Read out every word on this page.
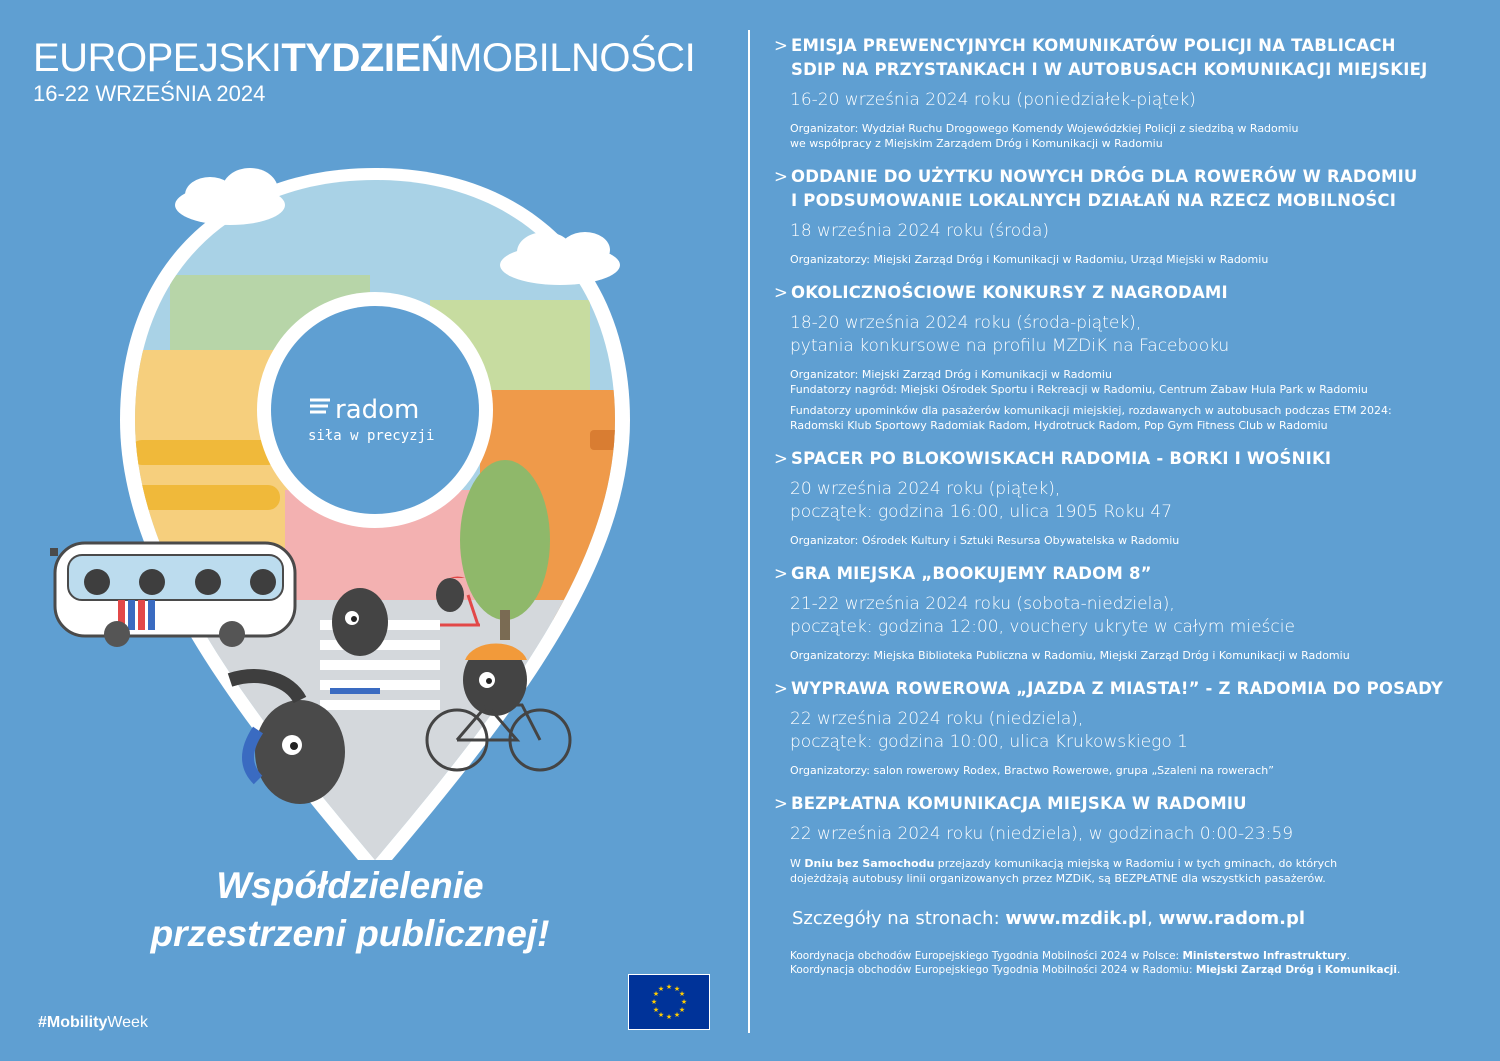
EUROPEJSKITYDZIEŃMOBILNOŚCI
16-22 WRZEŚNIA 2024
radom
siła w precyzji
Współdzielenie
przestrzeni publicznej!
#MobilityWeek
★ ★
★
★
★
★
★
★
★
★
★
★
> EMISJA PREWENCYJNYCH KOMUNIKATÓW POLICJI NA TABLICACH
SDIP NA PRZYSTANKACH I W AUTOBUSACH KOMUNIKACJI MIEJSKIEJ
16-20 września 2024 roku (poniedziałek-piątek)
Organizator: Wydział Ruchu Drogowego Komendy Wojewódzkiej Policji z siedzibą w Radomiu
we współpracy z Miejskim Zarządem Dróg i Komunikacji w Radomiu
> ODDANIE DO UŻYTKU NOWYCH DRÓG DLA ROWERÓW W RADOMIU
I PODSUMOWANIE LOKALNYCH DZIAŁAŃ NA RZECZ MOBILNOŚCI
18 września 2024 roku (środa)
Organizatorzy: Miejski Zarząd Dróg i Komunikacji w Radomiu, Urząd Miejski w Radomiu
> OKOLICZNOŚCIOWE KONKURSY Z NAGRODAMI
18-20 września 2024 roku (środa-piątek),
pytania konkursowe na profilu MZDiK na Facebooku
Organizator: Miejski Zarząd Dróg i Komunikacji w Radomiu
Fundatorzy nagród: Miejski Ośrodek Sportu i Rekreacji w Radomiu, Centrum Zabaw Hula Park w Radomiu
Fundatorzy upominków dla pasażerów komunikacji miejskiej, rozdawanych w autobusach podczas ETM 2024:
Radomski Klub Sportowy Radomiak Radom, Hydrotruck Radom, Pop Gym Fitness Club w Radomiu
> SPACER PO BLOKOWISKACH RADOMIA - BORKI I WOŚNIKI
20 września 2024 roku (piątek),
początek: godzina 16:00, ulica 1905 Roku 47
Organizator: Ośrodek Kultury i Sztuki Resursa Obywatelska w Radomiu
> GRA MIEJSKA „BOOKUJEMY RADOM 8”
21-22 września 2024 roku (sobota-niedziela),
początek: godzina 12:00, vouchery ukryte w całym mieście
Organizatorzy: Miejska Biblioteka Publiczna w Radomiu, Miejski Zarząd Dróg i Komunikacji w Radomiu
> WYPRAWA ROWEROWA „JAZDA Z MIASTA!” - Z RADOMIA DO POSADY
22 września 2024 roku (niedziela),
początek: godzina 10:00, ulica Krukowskiego 1
Organizatorzy: salon rowerowy Rodex, Bractwo Rowerowe, grupa „Szaleni na rowerach”
> BEZPŁATNA KOMUNIKACJA MIEJSKA W RADOMIU
22 września 2024 roku (niedziela), w godzinach 0:00-23:59
W Dniu bez Samochodu przejazdy komunikacją miejską w Radomiu i w tych gminach, do których
dojeżdżają autobusy linii organizowanych przez MZDiK, są BEZPŁATNE dla wszystkich pasażerów.
Szczegóły na stronach: www.mzdik.pl, www.radom.pl
Koordynacja obchodów Europejskiego Tygodnia Mobilności 2024 w Polsce: Ministerstwo Infrastruktury.
Koordynacja obchodów Europejskiego Tygodnia Mobilności 2024 w Radomiu: Miejski Zarząd Dróg i Komunikacji.
